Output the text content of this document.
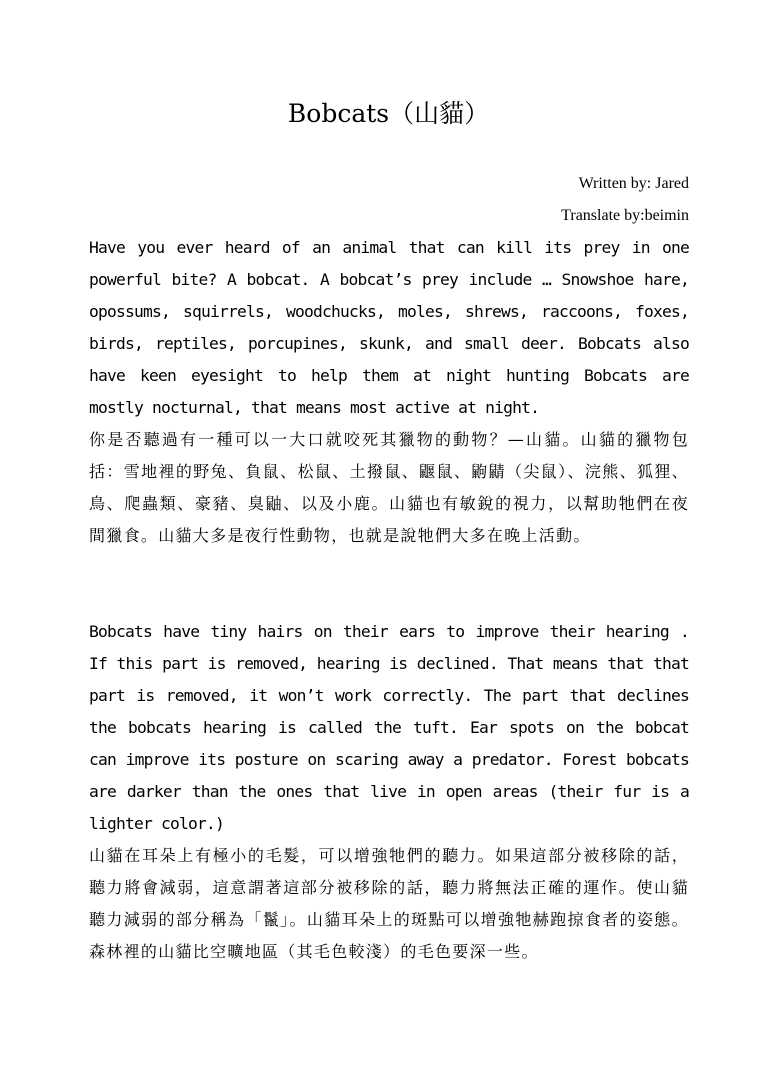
Bobcats（山貓）
Written by: Jared
Translate by:beimin
Have you ever heard of an animal that can kill its prey in one powerful bite? A bobcat. A bobcat’s prey include … Snowshoe hare, opossums, squirrels, woodchucks, moles, shrews, raccoons, foxes, birds, reptiles, porcupines, skunk, and small deer. Bobcats also have keen eyesight to help them at night hunting Bobcats are mostly nocturnal, that means most active at night.
你是否聽過有一種可以一大口就咬死其獵物的動物？—山貓。山貓的獵物包括：雪地裡的野兔、負鼠、松鼠、土撥鼠、鼴鼠、鼩鼱（尖鼠）、浣熊、狐狸、鳥、爬蟲類、豪豬、臭鼬、以及小鹿。山貓也有敏銳的視力，以幫助牠們在夜間獵食。山貓大多是夜行性動物，也就是說牠們大多在晚上活動。
Bobcats have tiny hairs on their ears to improve their hearing . If this part is removed, hearing is declined. That means that that part is removed, it won’t work correctly. The part that declines the bobcats hearing is called the tuft. Ear spots on the bobcat can improve its posture on scaring away a predator. Forest bobcats are darker than the ones that live in open areas (their fur is a lighter color.)
山貓在耳朵上有極小的毛髮，可以增強牠們的聽力。如果這部分被移除的話，聽力將會減弱，這意謂著這部分被移除的話，聽力將無法正確的運作。使山貓聽力減弱的部分稱為「鬣」。山貓耳朵上的斑點可以增強牠赫跑掠食者的姿態。森林裡的山貓比空曠地區（其毛色較淺）的毛色要深一些。
